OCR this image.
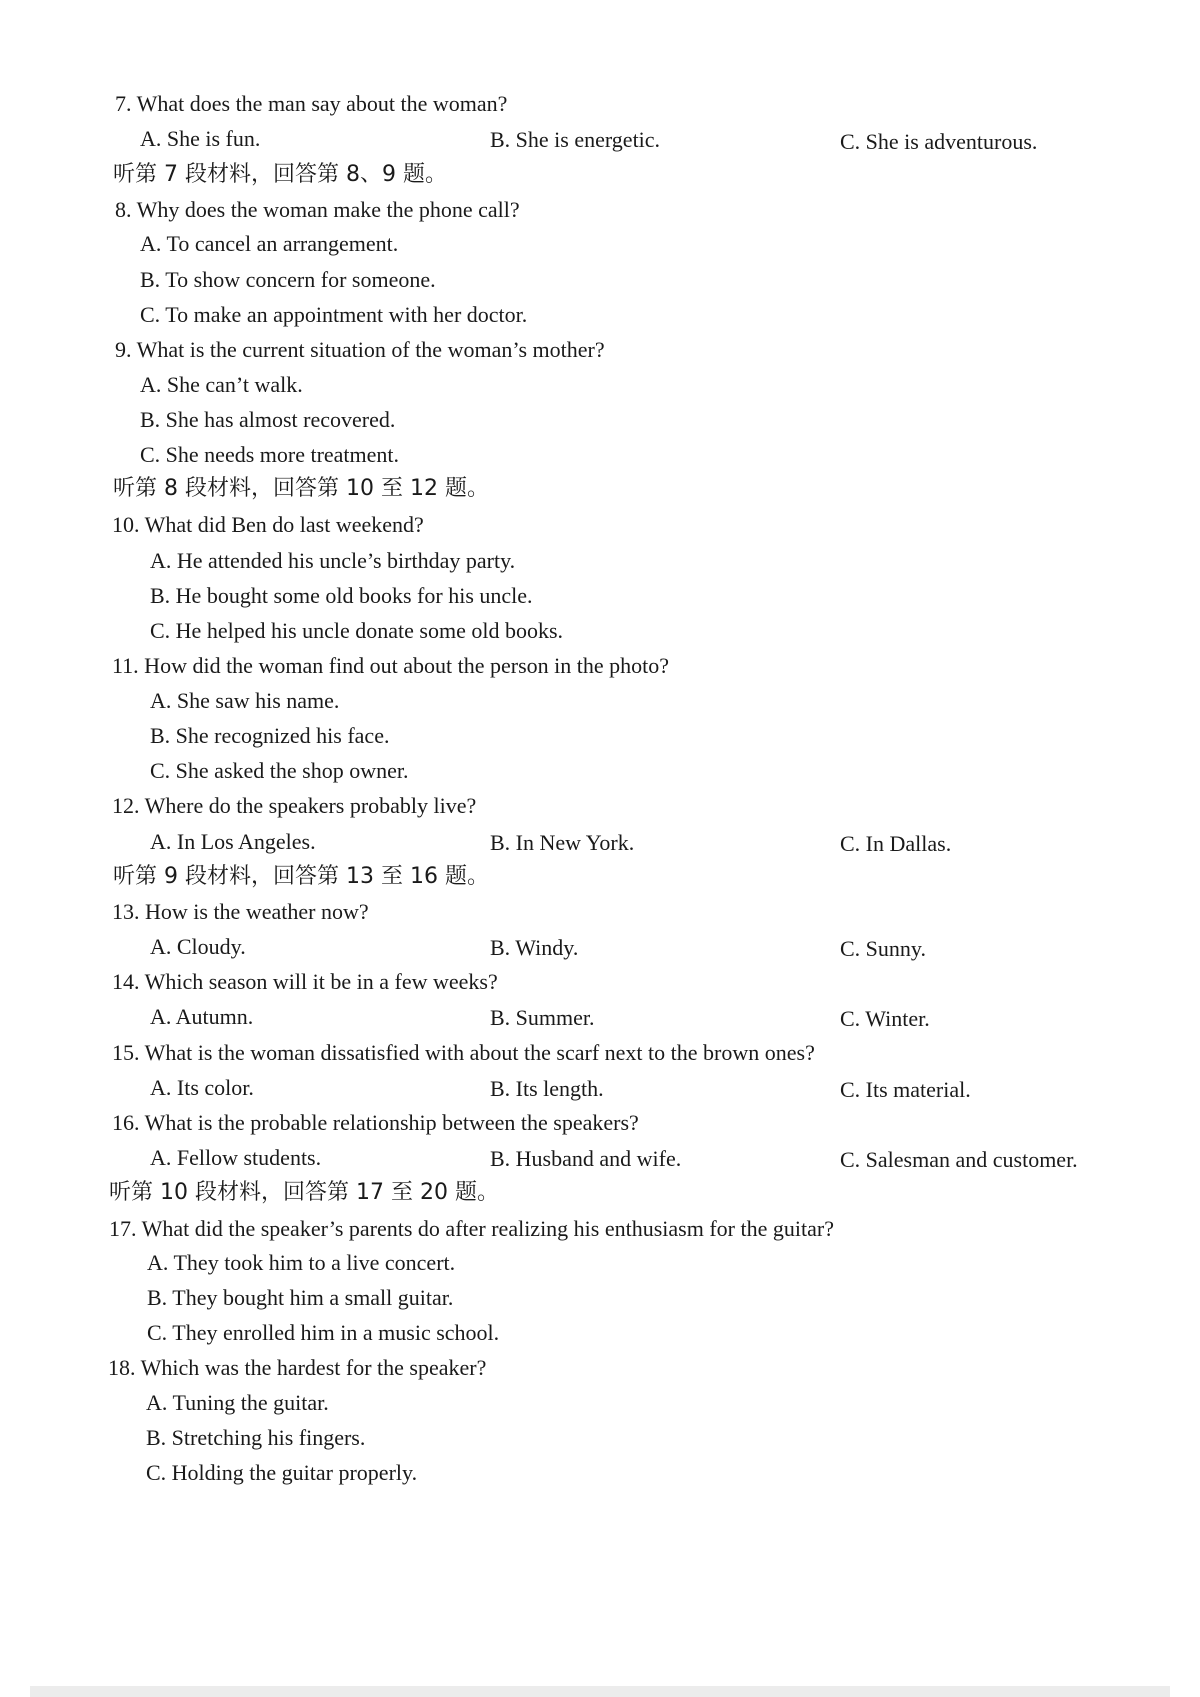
7. What does the man say about the woman?
A. She is fun.	B. She is energetic.	C. She is adventurous.
听第 7 段材料，回答第 8、9 题。
8. Why does the woman make the phone call?
A. To cancel an arrangement.
B. To show concern for someone.
C. To make an appointment with her doctor.
9. What is the current situation of the woman’s mother?
A. She can’t walk.
B. She has almost recovered.
C. She needs more treatment.
听第 8 段材料，回答第 10 至 12 题。
10. What did Ben do last weekend?
A. He attended his uncle’s birthday party.
B. He bought some old books for his uncle.
C. He helped his uncle donate some old books.
11. How did the woman find out about the person in the photo?
A. She saw his name.
B. She recognized his face.
C. She asked the shop owner.
12. Where do the speakers probably live?
A. In Los Angeles.	B. In New York.	C. In Dallas.
听第 9 段材料，回答第 13 至 16 题。
13. How is the weather now?
A. Cloudy.	B. Windy.	C. Sunny.
14. Which season will it be in a few weeks?
A. Autumn.	B. Summer.	C. Winter.
15. What is the woman dissatisfied with about the scarf next to the brown ones?
A. Its color.	B. Its length.	C. Its material.
16. What is the probable relationship between the speakers?
A. Fellow students.	B. Husband and wife.	C. Salesman and customer.
听第 10 段材料，回答第 17 至 20 题。
17. What did the speaker’s parents do after realizing his enthusiasm for the guitar?
A. They took him to a live concert.
B. They bought him a small guitar.
C. They enrolled him in a music school.
18. Which was the hardest for the speaker?
A. Tuning the guitar.
B. Stretching his fingers.
C. Holding the guitar properly.
